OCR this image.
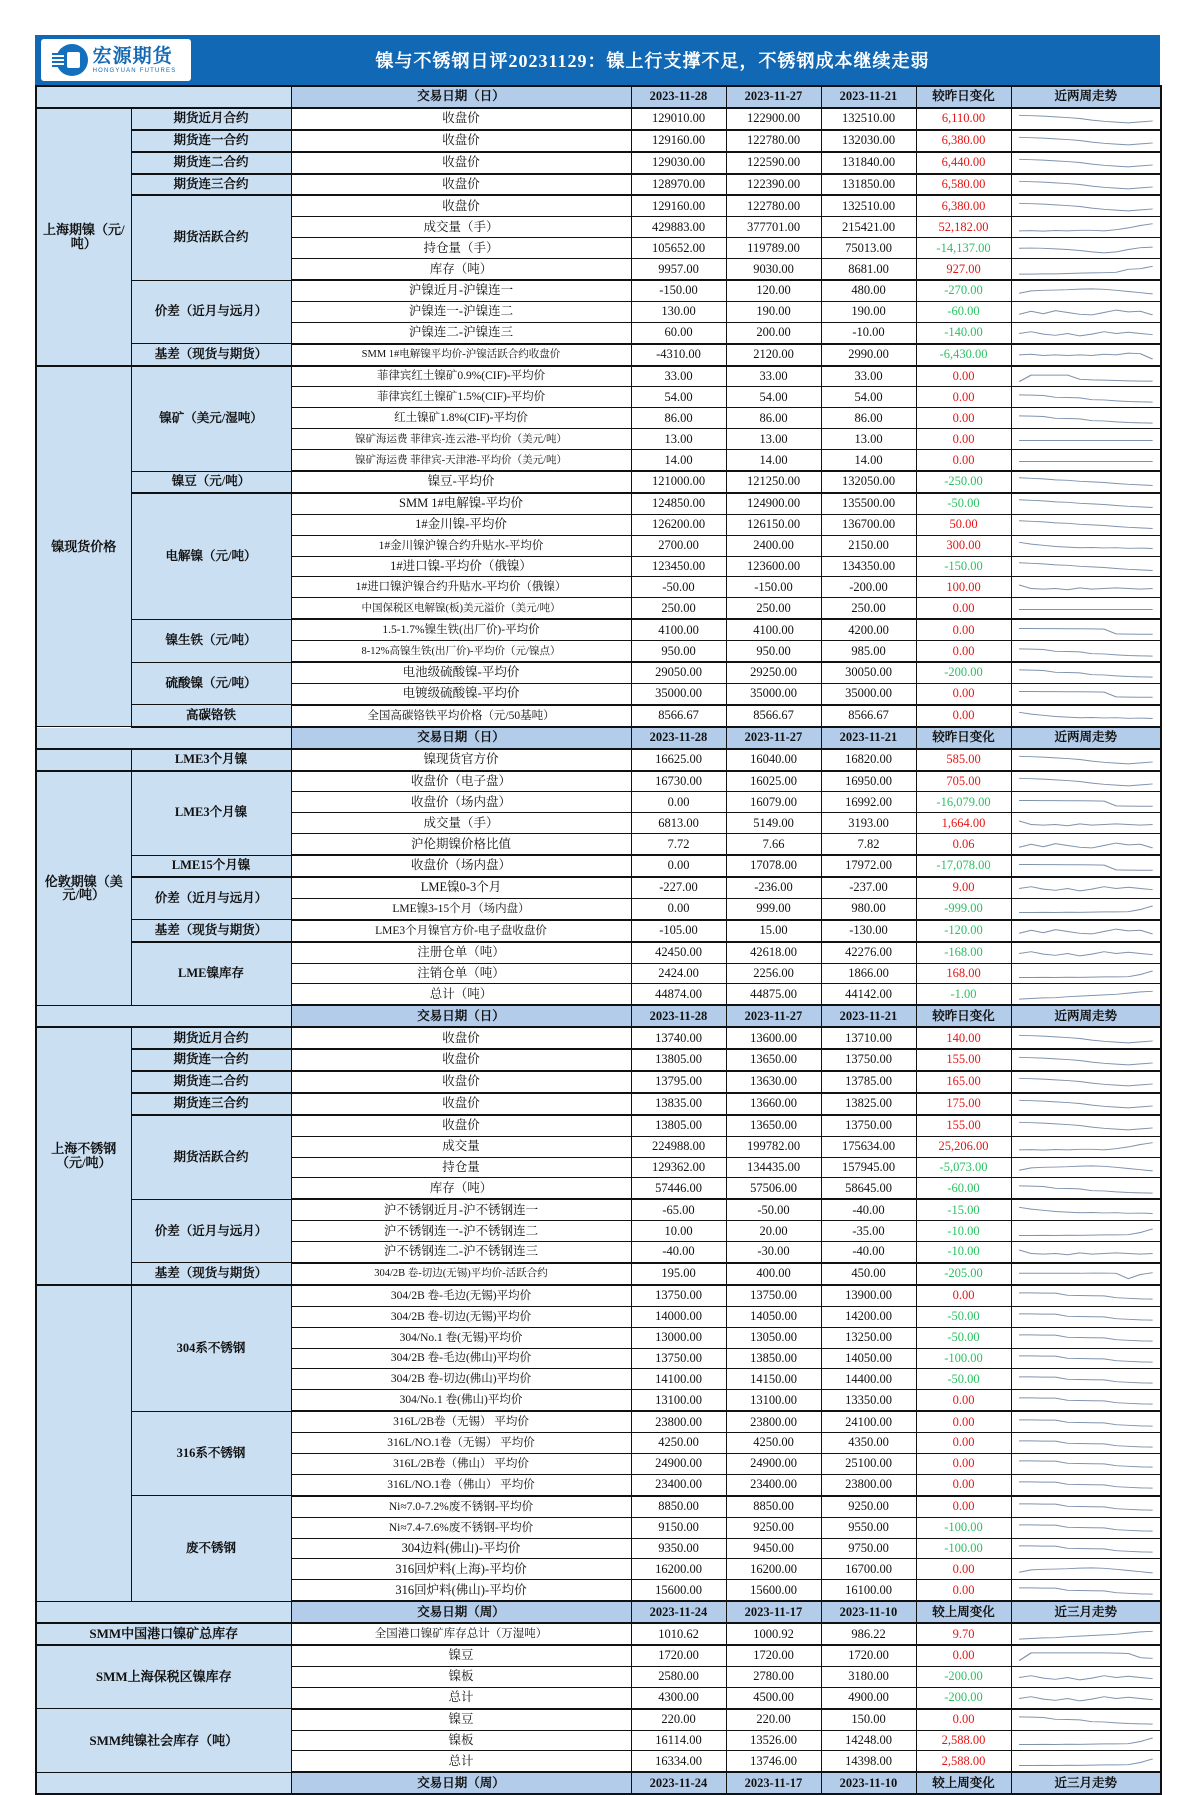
宏源期货
HONGYUAN FUTURES	镍与不锈钢日评20231129：镍上行支撑不足，不锈钢成本继续走弱
		交易日期（日）	2023-11-28	2023-11-27	2023-11-21	较昨日变化	近两周走势
上海期镍（元/吨）	期货近月合约	收盘价	129010.00	122900.00	132510.00	6,110.00	

	期货连一合约	收盘价	129160.00	122780.00	132030.00	6,380.00	

	期货连二合约	收盘价	129030.00	122590.00	131840.00	6,440.00	

	期货连三合约	收盘价	128970.00	122390.00	131850.00	6,580.00	

	期货活跃合约	收盘价	129160.00	122780.00	132510.00	6,380.00	

		成交量（手）	429883.00	377701.00	215421.00	52,182.00	

		持仓量（手）	105652.00	119789.00	75013.00	-14,137.00	

		库存（吨）	9957.00	9030.00	8681.00	927.00	

	价差（近月与远月）	沪镍近月-沪镍连一	-150.00	120.00	480.00	-270.00	

		沪镍连一-沪镍连二	130.00	190.00	190.00	-60.00	

		沪镍连二-沪镍连三	60.00	200.00	-10.00	-140.00	

	基差（现货与期货）	SMM 1#电解镍平均价-沪镍活跃合约收盘价	-4310.00	2120.00	2990.00	-6,430.00	

镍现货价格	镍矿（美元/湿吨）	菲律宾红土镍矿0.9%(CIF)-平均价	33.00	33.00	33.00	0.00	

		菲律宾红土镍矿1.5%(CIF)-平均价	54.00	54.00	54.00	0.00	

		红土镍矿1.8%(CIF)-平均价	86.00	86.00	86.00	0.00	

		镍矿海运费 菲律宾-连云港-平均价（美元/吨）	13.00	13.00	13.00	0.00	

		镍矿海运费 菲律宾-天津港-平均价（美元/吨）	14.00	14.00	14.00	0.00	

	镍豆（元/吨）	镍豆-平均价	121000.00	121250.00	132050.00	-250.00	

	电解镍（元/吨）	SMM 1#电解镍-平均价	124850.00	124900.00	135500.00	-50.00	

		1#金川镍-平均价	126200.00	126150.00	136700.00	50.00	

		1#金川镍沪镍合约升贴水-平均价	2700.00	2400.00	2150.00	300.00	

		1#进口镍-平均价（俄镍）	123450.00	123600.00	134350.00	-150.00	

		1#进口镍沪镍合约升贴水-平均价（俄镍）	-50.00	-150.00	-200.00	100.00	

		中国保税区电解镍(板)美元溢价（美元/吨）	250.00	250.00	250.00	0.00	

	镍生铁（元/吨）	1.5-1.7%镍生铁(出厂价)-平均价	4100.00	4100.00	4200.00	0.00	

		8-12%高镍生铁(出厂价)-平均价（元/镍点）	950.00	950.00	985.00	0.00	

	硫酸镍（元/吨）	电池级硫酸镍-平均价	29050.00	29250.00	30050.00	-200.00	

		电镀级硫酸镍-平均价	35000.00	35000.00	35000.00	0.00	

	高碳铬铁	全国高碳铬铁平均价格（元/50基吨）	8566.67	8566.67	8566.67	0.00	

		交易日期（日）	2023-11-28	2023-11-27	2023-11-21	较昨日变化	近两周走势
	LME3个月镍	镍现货官方价	16625.00	16040.00	16820.00	585.00	

伦敦期镍（美元/吨）	LME3个月镍	收盘价（电子盘）	16730.00	16025.00	16950.00	705.00	

		收盘价（场内盘）	0.00	16079.00	16992.00	-16,079.00	

		成交量（手）	6813.00	5149.00	3193.00	1,664.00	

		沪伦期镍价格比值	7.72	7.66	7.82	0.06	

	LME15个月镍	收盘价（场内盘）	0.00	17078.00	17972.00	-17,078.00	

	价差（近月与远月）	LME镍0-3个月	-227.00	-236.00	-237.00	9.00	

		LME镍3-15个月（场内盘）	0.00	999.00	980.00	-999.00	

	基差（现货与期货）	LME3个月镍官方价-电子盘收盘价	-105.00	15.00	-130.00	-120.00	

	LME镍库存	注册仓单（吨）	42450.00	42618.00	42276.00	-168.00	

		注销仓单（吨）	2424.00	2256.00	1866.00	168.00	

		总计（吨）	44874.00	44875.00	44142.00	-1.00	

		交易日期（日）	2023-11-28	2023-11-27	2023-11-21	较昨日变化	近两周走势
上海不锈钢（元/吨）	期货近月合约	收盘价	13740.00	13600.00	13710.00	140.00	

	期货连一合约	收盘价	13805.00	13650.00	13750.00	155.00	

	期货连二合约	收盘价	13795.00	13630.00	13785.00	165.00	

	期货连三合约	收盘价	13835.00	13660.00	13825.00	175.00	

	期货活跃合约	收盘价	13805.00	13650.00	13750.00	155.00	

		成交量	224988.00	199782.00	175634.00	25,206.00	

		持仓量	129362.00	134435.00	157945.00	-5,073.00	

		库存（吨）	57446.00	57506.00	58645.00	-60.00	

	价差（近月与远月）	沪不锈钢近月-沪不锈钢连一	-65.00	-50.00	-40.00	-15.00	

		沪不锈钢连一-沪不锈钢连二	10.00	20.00	-35.00	-10.00	

		沪不锈钢连二-沪不锈钢连三	-40.00	-30.00	-40.00	-10.00	

	基差（现货与期货）	304/2B 卷-切边(无锡)平均价-活跃合约	195.00	400.00	450.00	-205.00	

	304系不锈钢	304/2B 卷-毛边(无锡)平均价	13750.00	13750.00	13900.00	0.00	

		304/2B 卷-切边(无锡)平均价	14000.00	14050.00	14200.00	-50.00	

		304/No.1 卷(无锡)平均价	13000.00	13050.00	13250.00	-50.00	

		304/2B 卷-毛边(佛山)平均价	13750.00	13850.00	14050.00	-100.00	

		304/2B 卷-切边(佛山)平均价	14100.00	14150.00	14400.00	-50.00	

		304/No.1 卷(佛山)平均价	13100.00	13100.00	13350.00	0.00	

	316系不锈钢	316L/2B卷（无锡） 平均价	23800.00	23800.00	24100.00	0.00	

		316L/NO.1卷（无锡） 平均价	4250.00	4250.00	4350.00	0.00	

		316L/2B卷（佛山） 平均价	24900.00	24900.00	25100.00	0.00	

		316L/NO.1卷（佛山） 平均价	23400.00	23400.00	23800.00	0.00	

	废不锈钢	Ni≈7.0-7.2%废不锈钢-平均价	8850.00	8850.00	9250.00	0.00	

		Ni≈7.4-7.6%废不锈钢-平均价	9150.00	9250.00	9550.00	-100.00	

		304边料(佛山)-平均价	9350.00	9450.00	9750.00	-100.00	

		316回炉料(上海)-平均价	16200.00	16200.00	16700.00	0.00	

		316回炉料(佛山)-平均价	15600.00	15600.00	16100.00	0.00	

		交易日期（周）	2023-11-24	2023-11-17	2023-11-10	较上周变化	近三月走势
SMM中国港口镍矿总库存		全国港口镍矿库存总计（万湿吨）	1010.62	1000.92	986.22	9.70	

SMM上海保税区镍库存		镍豆	1720.00	1720.00	1720.00	0.00	

		镍板	2580.00	2780.00	3180.00	-200.00	

		总计	4300.00	4500.00	4900.00	-200.00	

SMM纯镍社会库存（吨）		镍豆	220.00	220.00	150.00	0.00	

		镍板	16114.00	13526.00	14248.00	2,588.00	

		总计	16334.00	13746.00	14398.00	2,588.00	

		交易日期（周）	2023-11-24	2023-11-17	2023-11-10	较上周变化	近三月走势
